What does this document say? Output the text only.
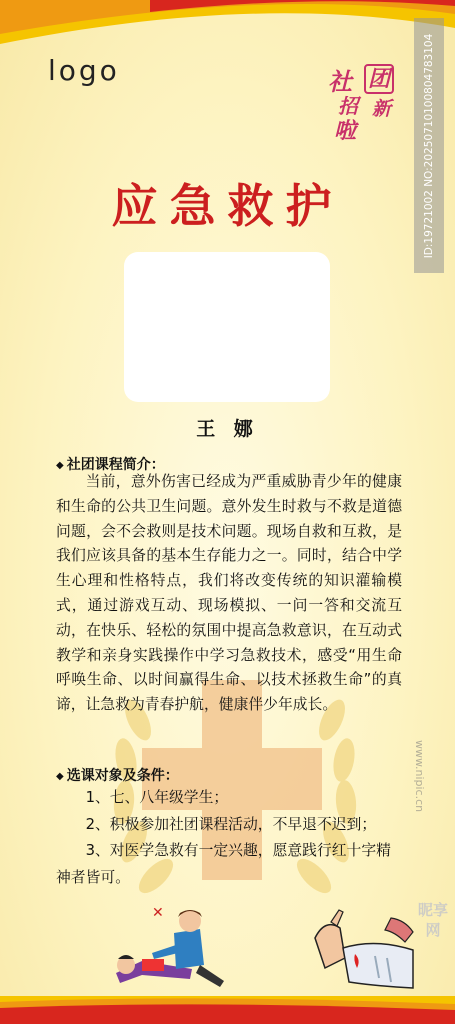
logo	社 团
招 新
啦	ID:19721002 NO:20250710100804783104
应急救护
王 娜
◆ 社团课程简介：
当前，意外伤害已经成为严重威胁青少年的健康和生命的公共卫生问题。意外发生时救与不救是道德问题，会不会救则是技术问题。现场自救和互救，是我们应该具备的基本生存能力之一。同时，结合中学生心理和性格特点，我们将改变传统的知识灌输模式，通过游戏互动、现场模拟、一问一答和交流互动，在快乐、轻松的氛围中提高急救意识，在互动式教学和亲身实践操作中学习急救技术，感受“用生命呼唤生命、以时间赢得生命、以技术拯救生命”的真谛，让急救为青春护航，健康伴少年成长。
◆ 选课对象及条件：
1、七、八年级学生；
2、积极参加社团课程活动，不早退不迟到；
3、对医学急救有一定兴趣，愿意践行红十字精神者皆可。
✕
www.nipic.cn
昵享网
